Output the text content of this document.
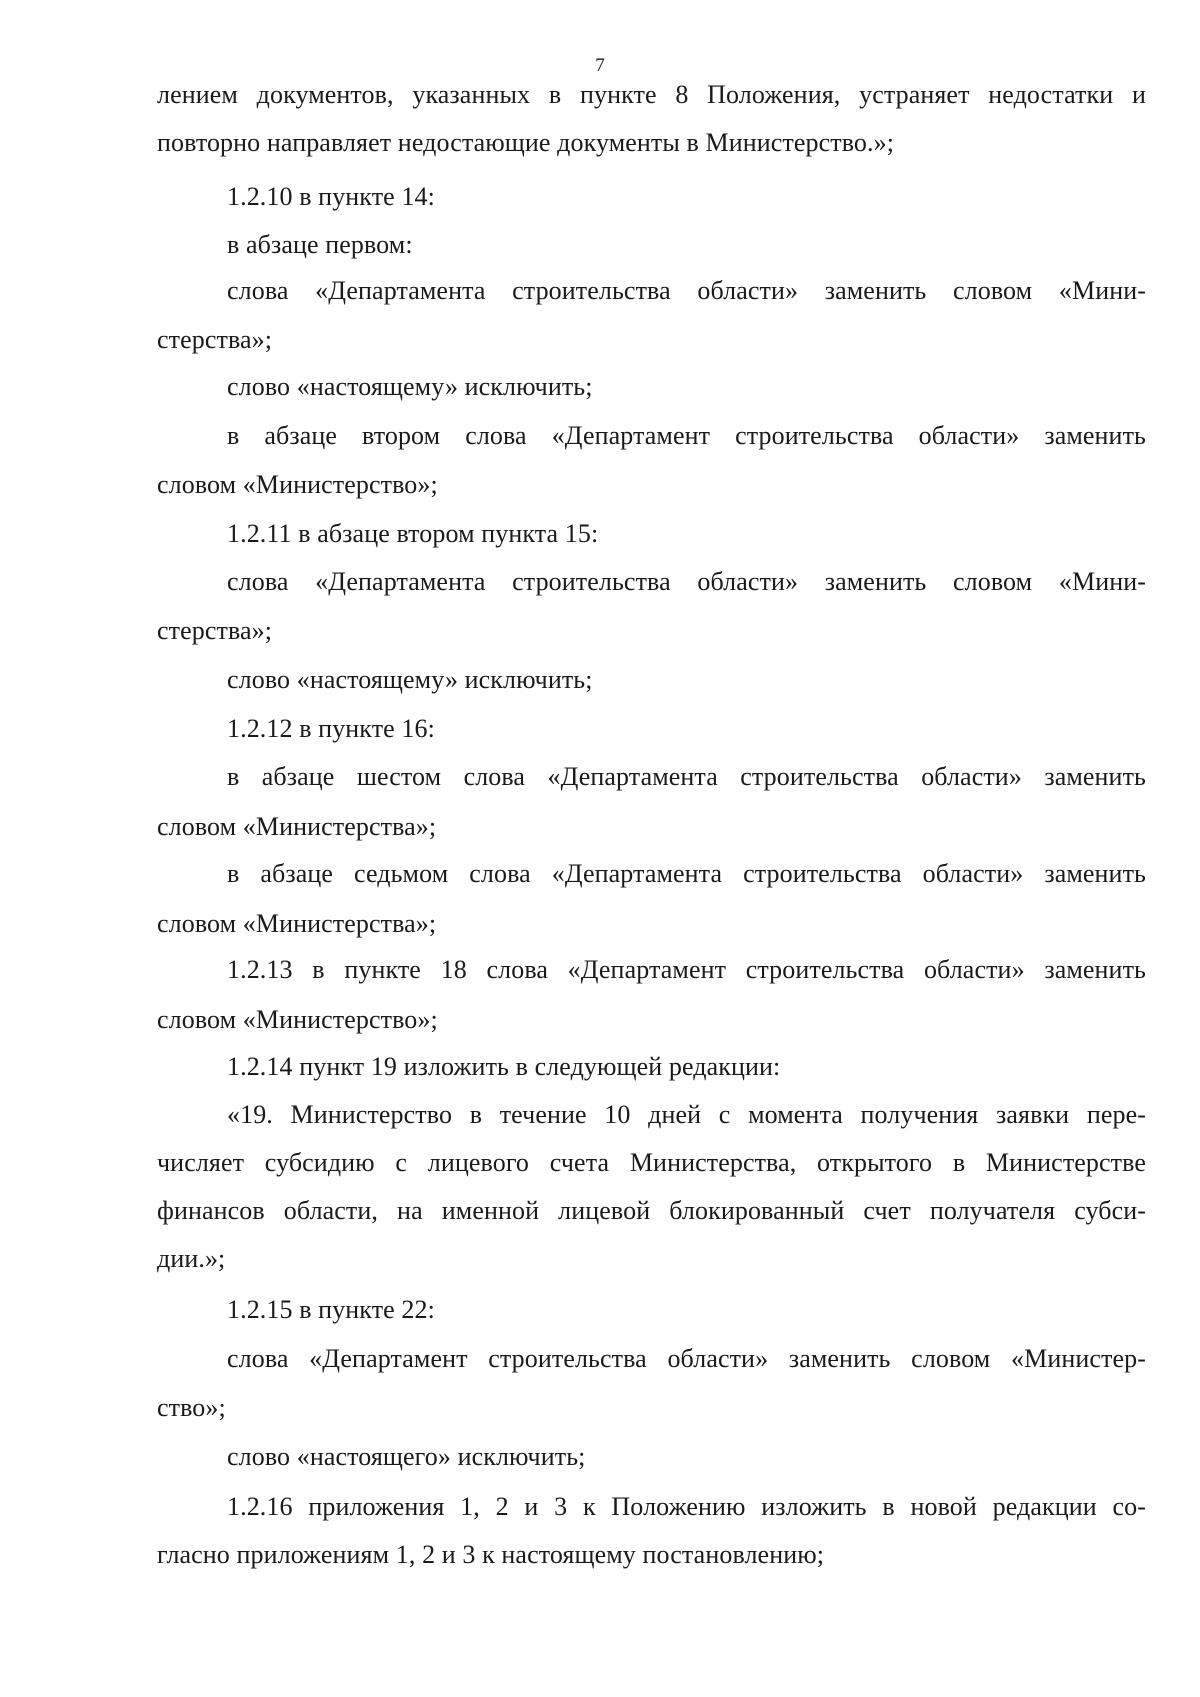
7
лением документов, указанных в пункте 8 Положения, устраняет недостатки и
повторно направляет недостающие документы в Министерство.»;
1.2.10 в пункте 14:
в абзаце первом:
слова «Департамента строительства области» заменить словом «Мини-
стерства»;
слово «настоящему» исключить;
в абзаце втором слова «Департамент строительства области» заменить
словом «Министерство»;
1.2.11 в абзаце втором пункта 15:
слова «Департамента строительства области» заменить словом «Мини-
стерства»;
слово «настоящему» исключить;
1.2.12 в пункте 16:
в абзаце шестом слова «Департамента строительства области» заменить
словом «Министерства»;
в абзаце седьмом слова «Департамента строительства области» заменить
словом «Министерства»;
1.2.13 в пункте 18 слова «Департамент строительства области» заменить
словом «Министерство»;
1.2.14 пункт 19 изложить в следующей редакции:
«19. Министерство в течение 10 дней с момента получения заявки пере-
числяет субсидию с лицевого счета Министерства, открытого в Министерстве
финансов области, на именной лицевой блокированный счет получателя субси-
дии.»;
1.2.15 в пункте 22:
слова «Департамент строительства области» заменить словом «Министер-
ство»;
слово «настоящего» исключить;
1.2.16 приложения 1, 2 и 3 к Положению изложить в новой редакции со-
гласно приложениям 1, 2 и 3 к настоящему постановлению;
